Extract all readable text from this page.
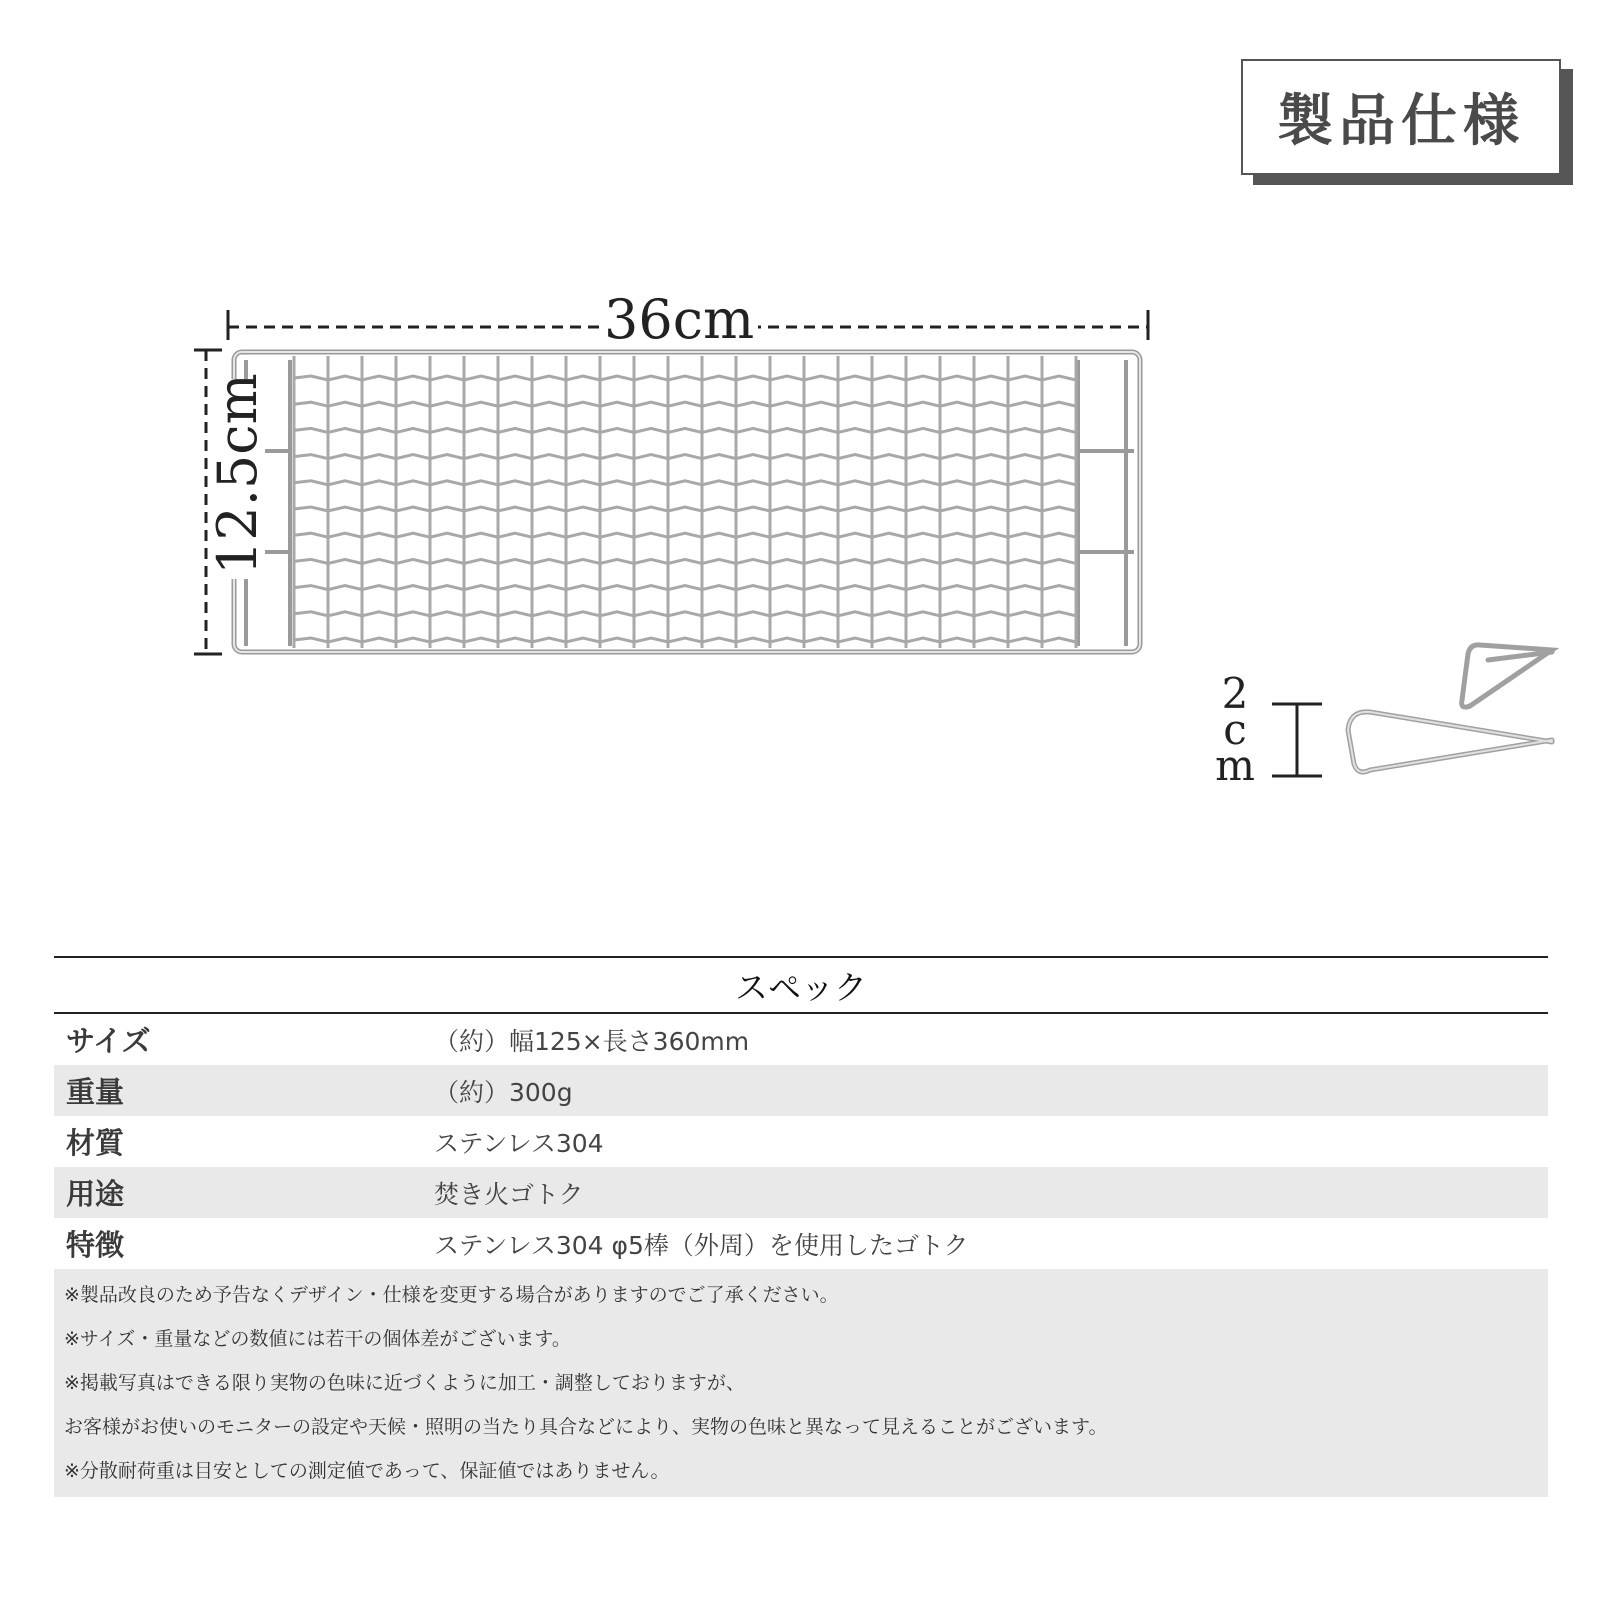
製品仕様
36cm
12.5cm
2
c
m
スペック
サイズ	（約）幅125×長さ360mm
重量	（約）300g
材質	ステンレス304
用途	焚き火ゴトク
特徴	ステンレス304 φ5棒（外周）を使用したゴトク
※製品改良のため予告なくデザイン・仕様を変更する場合がありますのでご了承ください。
※サイズ・重量などの数値には若干の個体差がございます。
※掲載写真はできる限り実物の色味に近づくように加工・調整しておりますが、
お客様がお使いのモニターの設定や天候・照明の当たり具合などにより、実物の色味と異なって見えることがございます。
※分散耐荷重は目安としての測定値であって、保証値ではありません。
